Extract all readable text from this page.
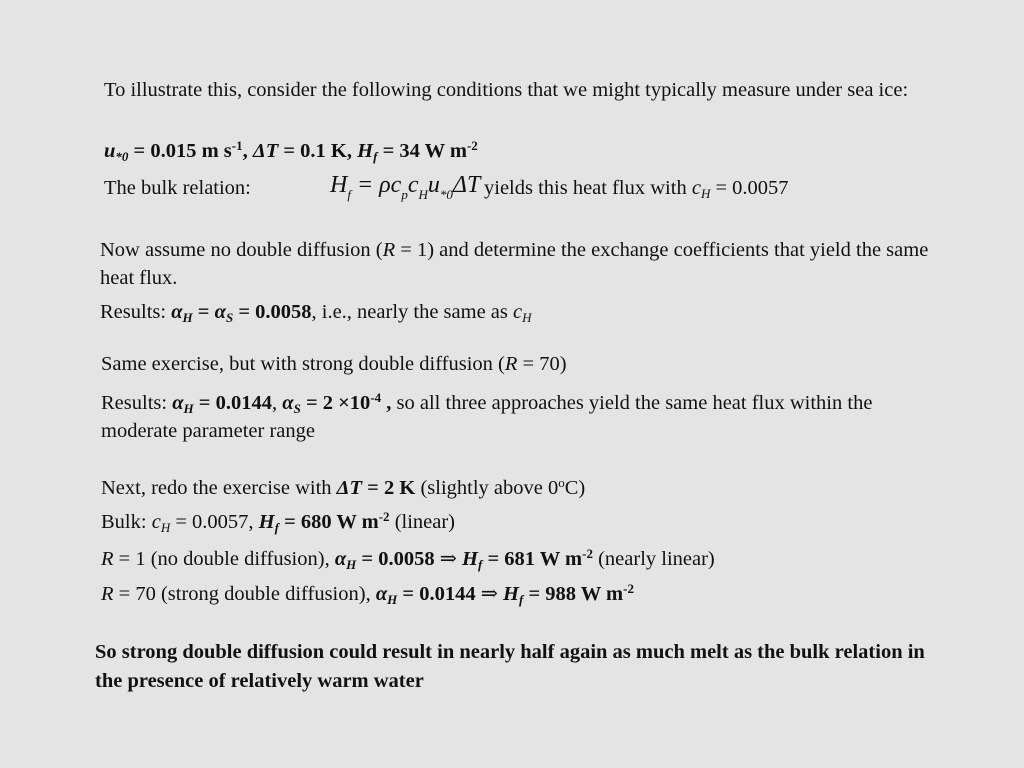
To illustrate this, consider the following conditions that we might typically measure under sea ice:
$u_{*0} = 0.015$ m $s^{-1}$, ΔT = 0.1 K, $H_f = 34$ W $m^{-2}$
The bulk relation:	$H_f = \rho c_pc_Hu_{*0}\Delta T$ yields this heat flux with $c_H = 0.0057$
Now assume no double diffusion (R = 1) and determine the exchange coefficients that yield the same heat flux.
Results: $\alpha_H = \alpha_S = 0.0058$, i.e., nearly the same as $c_H$
Same exercise, but with strong double diffusion (R = 70)
Results: $\alpha_H = 0.0144$, $\alpha_S = 2 \times 10^{-4}$ , so all three approaches yield the same heat flux within the moderate parameter range
Next, redo the exercise with ΔT = 2 K (slightly above 0$^o$C)
Bulk: $c_H = 0.0057$, $H_f = 680$ W $m^{-2}$ (linear)
R = 1 (no double diffusion), $\alpha_H = 0.0058$ ⇒ $H_f = 681$ W $m^{-2}$ (nearly linear)
R = 70 (strong double diffusion), $\alpha_H = 0.0144$ ⇒ $H_f = 988$ W $m^{-2}$
So strong double diffusion could result in nearly half again as much melt as the bulk relation in the presence of relatively warm water
